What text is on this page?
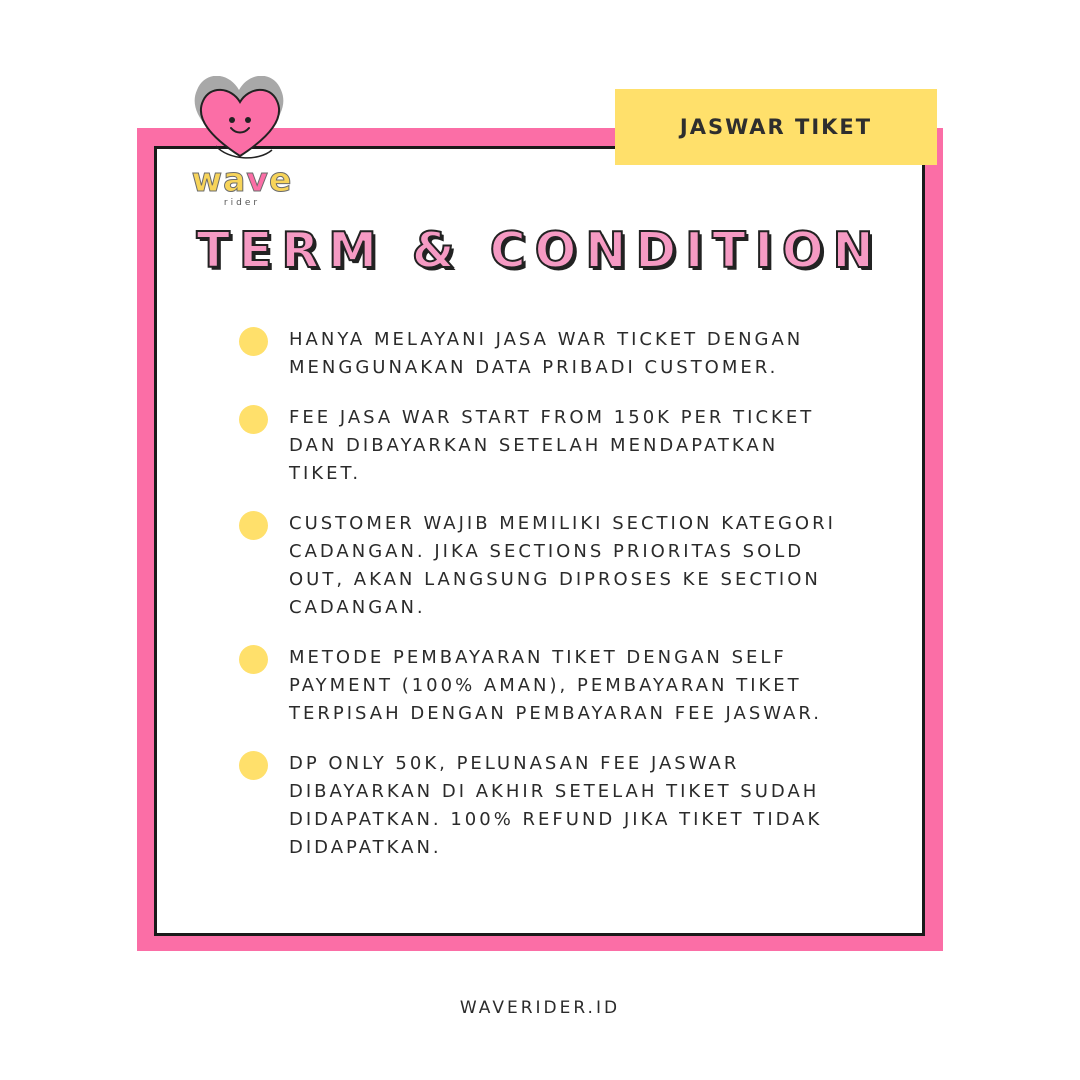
JASWAR TIKET
wave
rider
TERM & CONDITION
HANYA MELAYANI JASA WAR TICKET DENGAN
MENGGUNAKAN DATA PRIBADI CUSTOMER.
FEE JASA WAR START FROM 150K PER TICKET
DAN DIBAYARKAN SETELAH MENDAPATKAN
TIKET.
CUSTOMER WAJIB MEMILIKI SECTION KATEGORI
CADANGAN. JIKA SECTIONS PRIORITAS SOLD
OUT, AKAN LANGSUNG DIPROSES KE SECTION
CADANGAN.
METODE PEMBAYARAN TIKET DENGAN SELF
PAYMENT (100% AMAN), PEMBAYARAN TIKET
TERPISAH DENGAN PEMBAYARAN FEE JASWAR.
DP ONLY 50K, PELUNASAN FEE JASWAR
DIBAYARKAN DI AKHIR SETELAH TIKET SUDAH
DIDAPATKAN. 100% REFUND JIKA TIKET TIDAK
DIDAPATKAN.
WAVERIDER.ID
